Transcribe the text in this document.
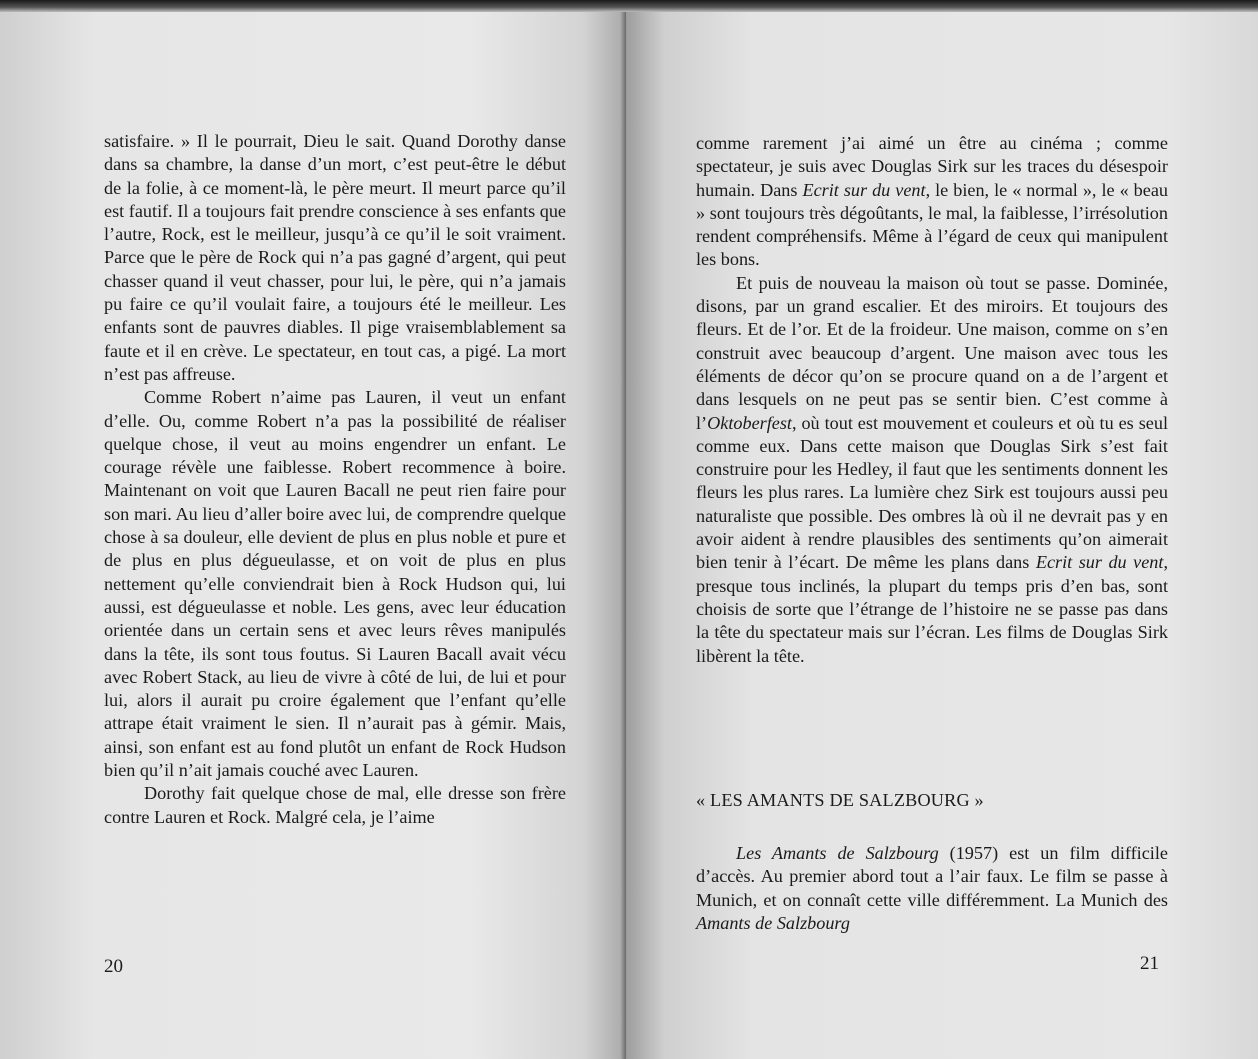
satisfaire. » Il le pourrait, Dieu le sait. Quand Dorothy danse dans sa chambre, la danse d’un mort, c’est peut-être le début de la folie, à ce moment-là, le père meurt. Il meurt parce qu’il est fautif. Il a toujours fait prendre conscience à ses enfants que l’autre, Rock, est le meilleur, jusqu’à ce qu’il le soit vraiment. Parce que le père de Rock qui n’a pas gagné d’argent, qui peut chasser quand il veut chasser, pour lui, le père, qui n’a jamais pu faire ce qu’il voulait faire, a toujours été le meilleur. Les enfants sont de pauvres diables. Il pige vraisemblablement sa faute et il en crève. Le spectateur, en tout cas, a pigé. La mort n’est pas affreuse.

Comme Robert n’aime pas Lauren, il veut un enfant d’elle. Ou, comme Robert n’a pas la possibilité de réaliser quelque chose, il veut au moins engendrer un enfant. Le courage révèle une faiblesse. Robert recommence à boire. Maintenant on voit que Lauren Bacall ne peut rien faire pour son mari. Au lieu d’aller boire avec lui, de comprendre quelque chose à sa douleur, elle devient de plus en plus noble et pure et de plus en plus dégueulasse, et on voit de plus en plus nettement qu’elle conviendrait bien à Rock Hudson qui, lui aussi, est dégueulasse et noble. Les gens, avec leur éducation orientée dans un certain sens et avec leurs rêves manipulés dans la tête, ils sont tous foutus. Si Lauren Bacall avait vécu avec Robert Stack, au lieu de vivre à côté de lui, de lui et pour lui, alors il aurait pu croire également que l’enfant qu’elle attrape était vraiment le sien. Il n’aurait pas à gémir. Mais, ainsi, son enfant est au fond plutôt un enfant de Rock Hudson bien qu’il n’ait jamais couché avec Lauren.

Dorothy fait quelque chose de mal, elle dresse son frère contre Lauren et Rock. Malgré cela, je l’aime

20

comme rarement j’ai aimé un être au cinéma ; comme spectateur, je suis avec Douglas Sirk sur les traces du désespoir humain. Dans Ecrit sur du vent, le bien, le « normal », le « beau » sont toujours très dégoûtants, le mal, la faiblesse, l’irrésolution rendent compréhensifs. Même à l’égard de ceux qui manipulent les bons.

Et puis de nouveau la maison où tout se passe. Dominée, disons, par un grand escalier. Et des miroirs. Et toujours des fleurs. Et de l’or. Et de la froideur. Une maison, comme on s’en construit avec beaucoup d’argent. Une maison avec tous les éléments de décor qu’on se procure quand on a de l’argent et dans lesquels on ne peut pas se sentir bien. C’est comme à l’Oktoberfest, où tout est mouvement et couleurs et où tu es seul comme eux. Dans cette maison que Douglas Sirk s’est fait construire pour les Hedley, il faut que les sentiments donnent les fleurs les plus rares. La lumière chez Sirk est toujours aussi peu naturaliste que possible. Des ombres là où il ne devrait pas y en avoir aident à rendre plausibles des sentiments qu’on aimerait bien tenir à l’écart. De même les plans dans Ecrit sur du vent, presque tous inclinés, la plupart du temps pris d’en bas, sont choisis de sorte que l’étrange de l’histoire ne se passe pas dans la tête du spectateur mais sur l’écran. Les films de Douglas Sirk libèrent la tête.

« LES AMANTS DE SALZBOURG »

Les Amants de Salzbourg (1957) est un film difficile d’accès. Au premier abord tout a l’air faux. Le film se passe à Munich, et on connaît cette ville différemment. La Munich des Amants de Salzbourg

21
